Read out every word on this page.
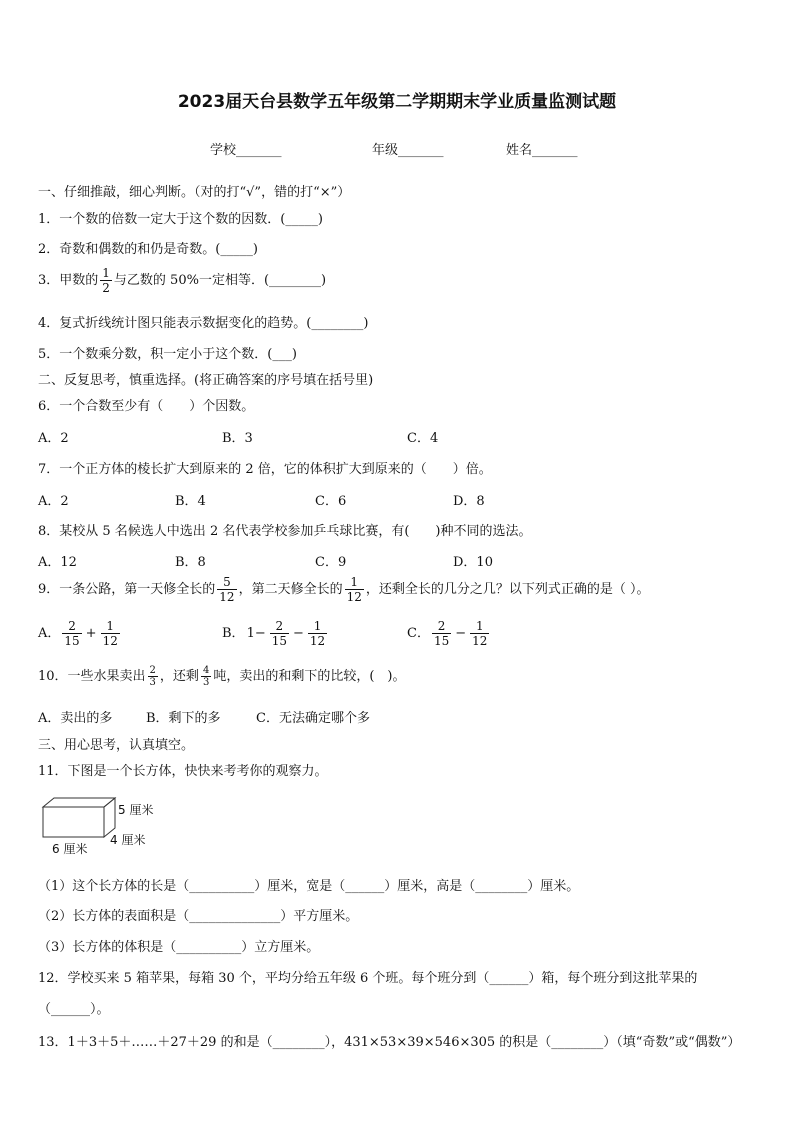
2023届天台县数学五年级第二学期期末学业质量监测试题
学校_______	年级_______	姓名_______
一、仔细推敲，细心判断。（对的打“√”，错的打“×”）
1．一个数的倍数一定大于这个数的因数．(_____)
2．奇数和偶数的和仍是奇数。(_____)
3．甲数的 $\frac{1}{2}$ 与乙数的 50%一定相等．(________)
4．复式折线统计图只能表示数据变化的趋势。(________)
5．一个数乘分数，积一定小于这个数．(___)
二、反复思考，慎重选择。(将正确答案的序号填在括号里)
6．一个合数至少有（　　）个因数。
A．2	B．3	C．4
7．一个正方体的棱长扩大到原来的 2 倍，它的体积扩大到原来的（　　）倍。
A．2	B．4	C．6	D．8
8．某校从 5 名候选人中选出 2 名代表学校参加乒乓球比赛，有(　　)种不同的选法。
A．12	B．8	C．9	D．10
9．一条公路，第一天修全长的 $\frac{5}{12}$ ，第二天修全长的 $\frac{1}{12}$ ，还剩全长的几分之几？以下列式正确的是（ ）。
A． $\frac{2}{15} + \frac{1}{12}$	B． $1- \frac{2}{15} - \frac{1}{12}$	C． $\frac{2}{15} - \frac{1}{12}$
10．一些水果卖出 $\frac{2}{3}$ ，还剩 $\frac{4}{3}$ 吨，卖出的和剩下的比较，(　)。
A．卖出的多	B．剩下的多	C．无法确定哪个多
三、用心思考，认真填空。
11．下图是一个长方体，快快来考考你的观察力。
5 厘米
4 厘米
6 厘米
（1）这个长方体的长是（__________）厘米，宽是（______）厘米，高是（________）厘米。
（2）长方体的表面积是（______________）平方厘米。
（3）长方体的体积是（__________）立方厘米。
12．学校买来 5 箱苹果，每箱 30 个，平均分给五年级 6 个班。每个班分到（______）箱，每个班分到这批苹果的
（______）。
13．1＋3＋5＋……＋27＋29 的和是（________），431×53×39×546×305 的积是（________）（填“奇数”或“偶数”）
